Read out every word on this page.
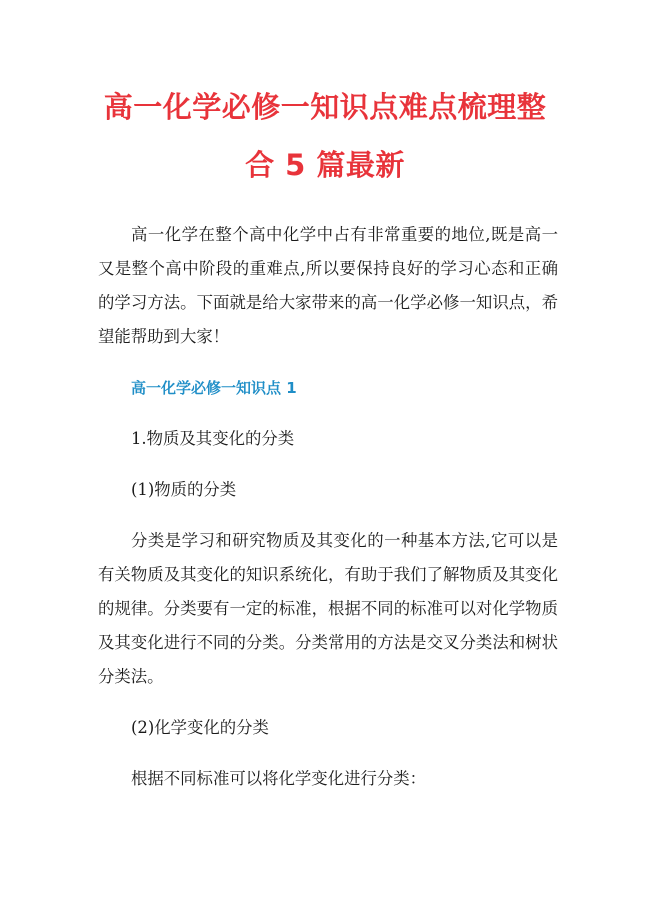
高一化学必修一知识点难点梳理整
合 5 篇最新

高一化学在整个高中化学中占有非常重要的地位,既是高一又是整个高中阶段的重难点,所以要保持良好的学习心态和正确的学习方法。下面就是给大家带来的高一化学必修一知识点，希望能帮助到大家！

高一化学必修一知识点 1

1.物质及其变化的分类

(1)物质的分类

分类是学习和研究物质及其变化的一种基本方法,它可以是有关物质及其变化的知识系统化，有助于我们了解物质及其变化的规律。分类要有一定的标准，根据不同的标准可以对化学物质及其变化进行不同的分类。分类常用的方法是交叉分类法和树状分类法。

(2)化学变化的分类

根据不同标准可以将化学变化进行分类：
